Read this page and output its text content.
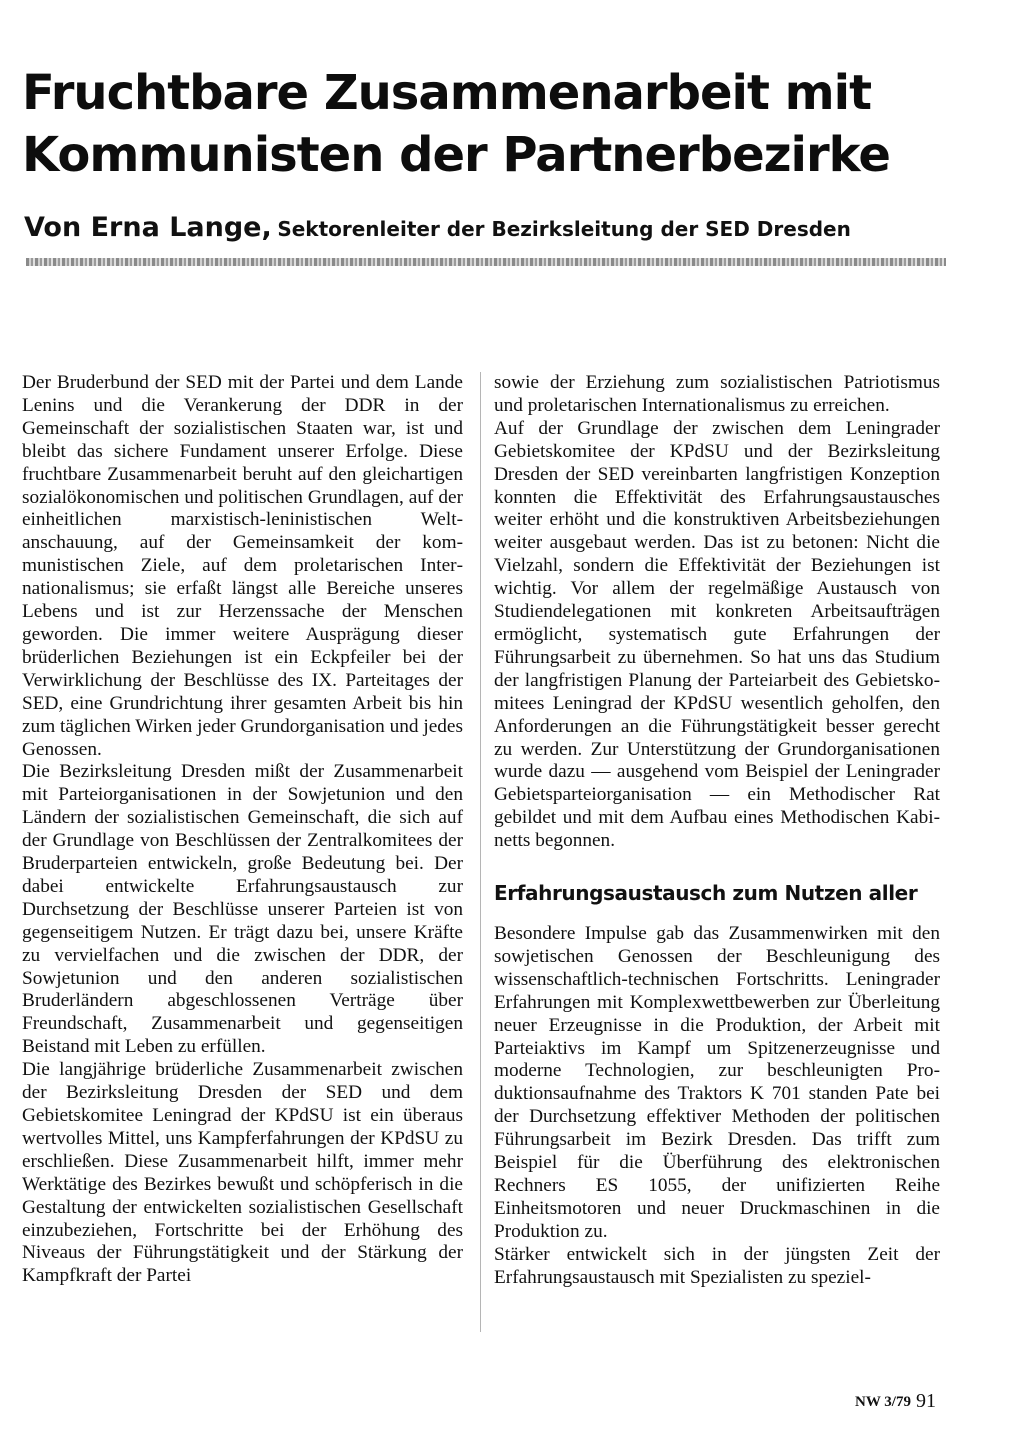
Fruchtbare Zusammenarbeit mit Kommunisten der Partnerbezirke

Von Erna Lange, Sektorenleiter der Bezirksleitung der SED Dresden

Der Bruderbund der SED mit der Partei und dem Lande Lenins und die Verankerung der DDR in der Gemeinschaft der sozialistischen Staaten war, ist und bleibt das sichere Fundament unserer Erfolge. Diese fruchtbare Zusammenarbeit beruht auf den gleichartigen sozialökonomischen und politischen Grundlagen, auf der einheitlichen marxistisch-leninistischen Weltanschauung, auf der Gemeinsamkeit der kommunistischen Ziele, auf dem proletarischen Internationalismus; sie erfaßt längst alle Bereiche unseres Lebens und ist zur Herzenssache der Menschen geworden. Die immer weitere Ausprägung dieser brüderlichen Beziehungen ist ein Eckpfeiler bei der Verwirklichung der Beschlüsse des IX. Parteitages der SED, eine Grundrichtung ihrer gesamten Arbeit bis hin zum täglichen Wirken jeder Grundorganisation und jedes Genossen.

Die Bezirksleitung Dresden mißt der Zusammenarbeit mit Parteiorganisationen in der Sowjetunion und den Ländern der sozialistischen Gemeinschaft, die sich auf der Grundlage von Beschlüssen der Zentralkomitees der Bruderparteien entwickeln, große Bedeutung bei. Der dabei entwickelte Erfahrungsaustausch zur Durchsetzung der Beschlüsse unserer Parteien ist von gegenseitigem Nutzen. Er trägt dazu bei, unsere Kräfte zu vervielfachen und die zwischen der DDR, der Sowjetunion und den anderen sozialistischen Bruderländern abgeschlossenen Verträge über Freundschaft, Zusammenarbeit und gegenseitigen Beistand mit Leben zu erfüllen.

Die langjährige brüderliche Zusammenarbeit zwischen der Bezirksleitung Dresden der SED und dem Gebietskomitee Leningrad der KPdSU ist ein überaus wertvolles Mittel, uns Kampferfahrungen der KPdSU zu erschließen. Diese Zusammenarbeit hilft, immer mehr Werktätige des Bezirkes bewußt und schöpferisch in die Gestaltung der entwickelten sozialistischen Gesellschaft einzubeziehen, Fortschritte bei der Erhöhung des Niveaus der Führungstätigkeit und der Stärkung der Kampfkraft der Partei

sowie der Erziehung zum sozialistischen Patriotismus und proletarischen Internationalismus zu erreichen.

Auf der Grundlage der zwischen dem Leningrader Gebietskomitee der KPdSU und der Bezirksleitung Dresden der SED vereinbarten langfristigen Konzeption konnten die Effektivität des Erfahrungsaustausches weiter erhöht und die konstruktiven Arbeitsbeziehungen weiter ausgebaut werden. Das ist zu betonen: Nicht die Vielzahl, sondern die Effektivität der Beziehungen ist wichtig. Vor allem der regelmäßige Austausch von Studiendelegationen mit konkreten Arbeitsaufträgen ermöglicht, systematisch gute Erfahrungen der Führungsarbeit zu übernehmen. So hat uns das Studium der langfristigen Planung der Parteiarbeit des Gebietskomitees Leningrad der KPdSU wesentlich geholfen, den Anforderungen an die Führungstätigkeit besser gerecht zu werden. Zur Unterstützung der Grundorganisationen wurde dazu — ausgehend vom Beispiel der Leningrader Gebietsparteiorganisation — ein Methodischer Rat gebildet und mit dem Aufbau eines Methodischen Kabinetts begonnen.

Erfahrungsaustausch zum Nutzen aller

Besondere Impulse gab das Zusammenwirken mit den sowjetischen Genossen der Beschleunigung des wissenschaftlich-technischen Fortschritts. Leningrader Erfahrungen mit Komplexwettbewerben zur Überleitung neuer Erzeugnisse in die Produktion, der Arbeit mit Parteiaktivs im Kampf um Spitzenerzeugnisse und moderne Technologien, zur beschleunigten Produktionsaufnahme des Traktors K 701 standen Pate bei der Durchsetzung effektiver Methoden der politischen Führungsarbeit im Bezirk Dresden. Das trifft zum Beispiel für die Überführung des elektronischen Rechners ES 1055, der unifizierten Reihe Einheitsmotoren und neuer Druckmaschinen in die Produktion zu.

Stärker entwickelt sich in der jüngsten Zeit der Erfahrungsaustausch mit Spezialisten zu speziel-

NW 3/79 91
